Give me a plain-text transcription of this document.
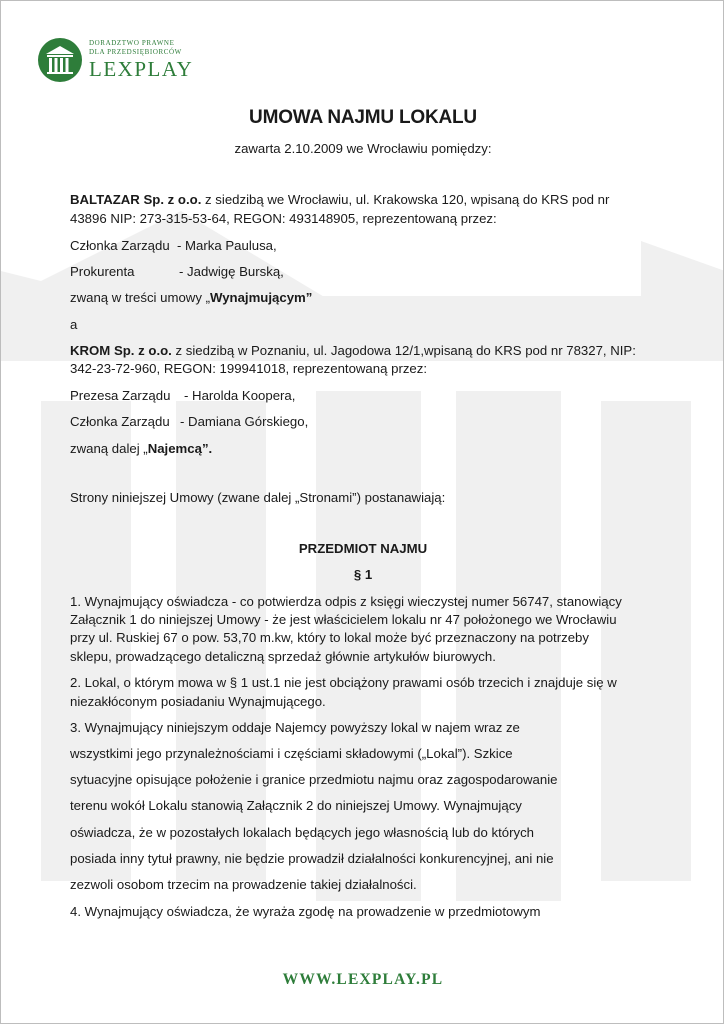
DORADZTWO PRAWNE
DLA PRZEDSIĘBIORCÓW
LEXPLAY
UMOWA NAJMU LOKALU
zawarta 2.10.2009 we Wrocławiu pomiędzy:
BALTAZAR Sp. z o.o. z siedzibą we Wrocławiu, ul. Krakowska 120, wpisaną do KRS pod nr
43896 NIP: 273-315-53-64, REGON: 493148905, reprezentowaną przez:
Członka Zarządu - Marka Paulusa,
Prokurenta	- Jadwigę Burską,
zwaną w treści umowy „Wynajmującym”
a
KROM Sp. z o.o. z siedzibą w Poznaniu, ul. Jagodowa 12/1,wpisaną do KRS pod nr 78327, NIP:
342-23-72-960, REGON: 199941018, reprezentowaną przez:
Prezesa Zarządu - Harolda Koopera,
Członka Zarządu - Damiana Górskiego,
zwaną dalej „Najemcą”.
Strony niniejszej Umowy (zwane dalej „Stronami”) postanawiają:
PRZEDMIOT NAJMU
§ 1
1. Wynajmujący oświadcza - co potwierdza odpis z księgi wieczystej numer 56747, stanowiący
Załącznik 1 do niniejszej Umowy - że jest właścicielem lokalu nr 47 położonego we Wrocławiu
przy ul. Ruskiej 67 o pow. 53,70 m.kw, który to lokal może być przeznaczony na potrzeby
sklepu, prowadzącego detaliczną sprzedaż głównie artykułów biurowych.
2. Lokal, o którym mowa w § 1 ust.1 nie jest obciążony prawami osób trzecich i znajduje się w
niezakłóconym posiadaniu Wynajmującego.
3. Wynajmujący niniejszym oddaje Najemcy powyższy lokal w najem wraz ze
wszystkimi jego przynależnościami i częściami składowymi („Lokal”). Szkice
sytuacyjne opisujące położenie i granice przedmiotu najmu oraz zagospodarowanie
terenu wokół Lokalu stanowią Załącznik 2 do niniejszej Umowy. Wynajmujący
oświadcza, że w pozostałych lokalach będących jego własnością lub do których
posiada inny tytuł prawny, nie będzie prowadził działalności konkurencyjnej, ani nie
zezwoli osobom trzecim na prowadzenie takiej działalności.
4. Wynajmujący oświadcza, że wyraża zgodę na prowadzenie w przedmiotowym
WWW.LEXPLAY.PL
